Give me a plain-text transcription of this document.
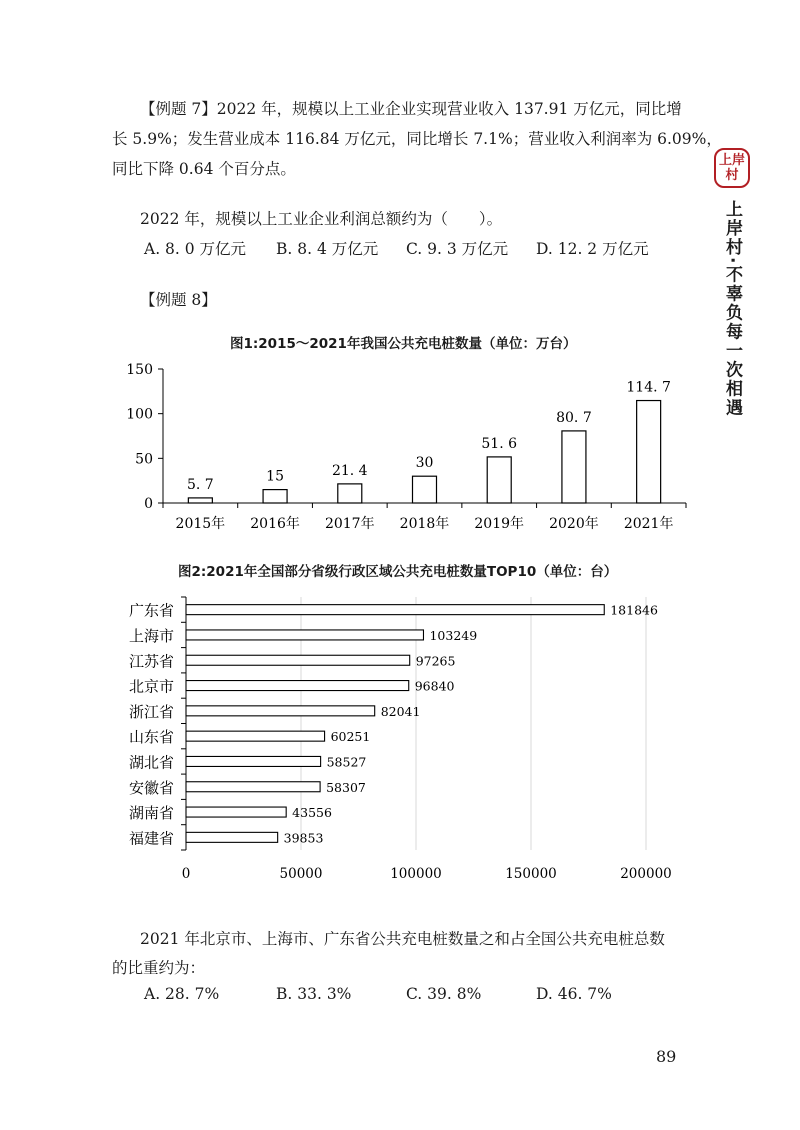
【例题 7】2022 年，规模以上工业企业实现营业收入 137.91 万亿元，同比增
长 5.9%；发生营业成本 116.84 万亿元，同比增长 7.1%；营业收入利润率为 6.09%，
同比下降 0.64 个百分点。
2022 年，规模以上工业企业利润总额约为（　　）。
A. 8. 0 万亿元	B. 8. 4 万亿元	C. 9. 3 万亿元	D. 12. 2 万亿元
【例题 8】
图1:2015～2021年我国公共充电桩数量（单位：万台）
0
50
100
150
5. 7
2015年
15
2016年
21. 4
2017年
30
2018年
51. 6
2019年
80. 7
2020年
114. 7
2021年
图2:2021年全国部分省级行政区域公共充电桩数量TOP10（单位：台）
0	50000	100000	150000	200000
181846
广东省
103249
上海市
97265
江苏省
96840
北京市
82041
浙江省
60251
山东省
58527
湖北省
58307
安徽省
43556
湖南省
39853
福建省
2021 年北京市、上海市、广东省公共充电桩数量之和占全国公共充电桩总数
的比重约为：
A. 28. 7%	B. 33. 3%	C. 39. 8%	D. 46. 7%
上岸村
上岸村·不辜负每一次相遇
89
